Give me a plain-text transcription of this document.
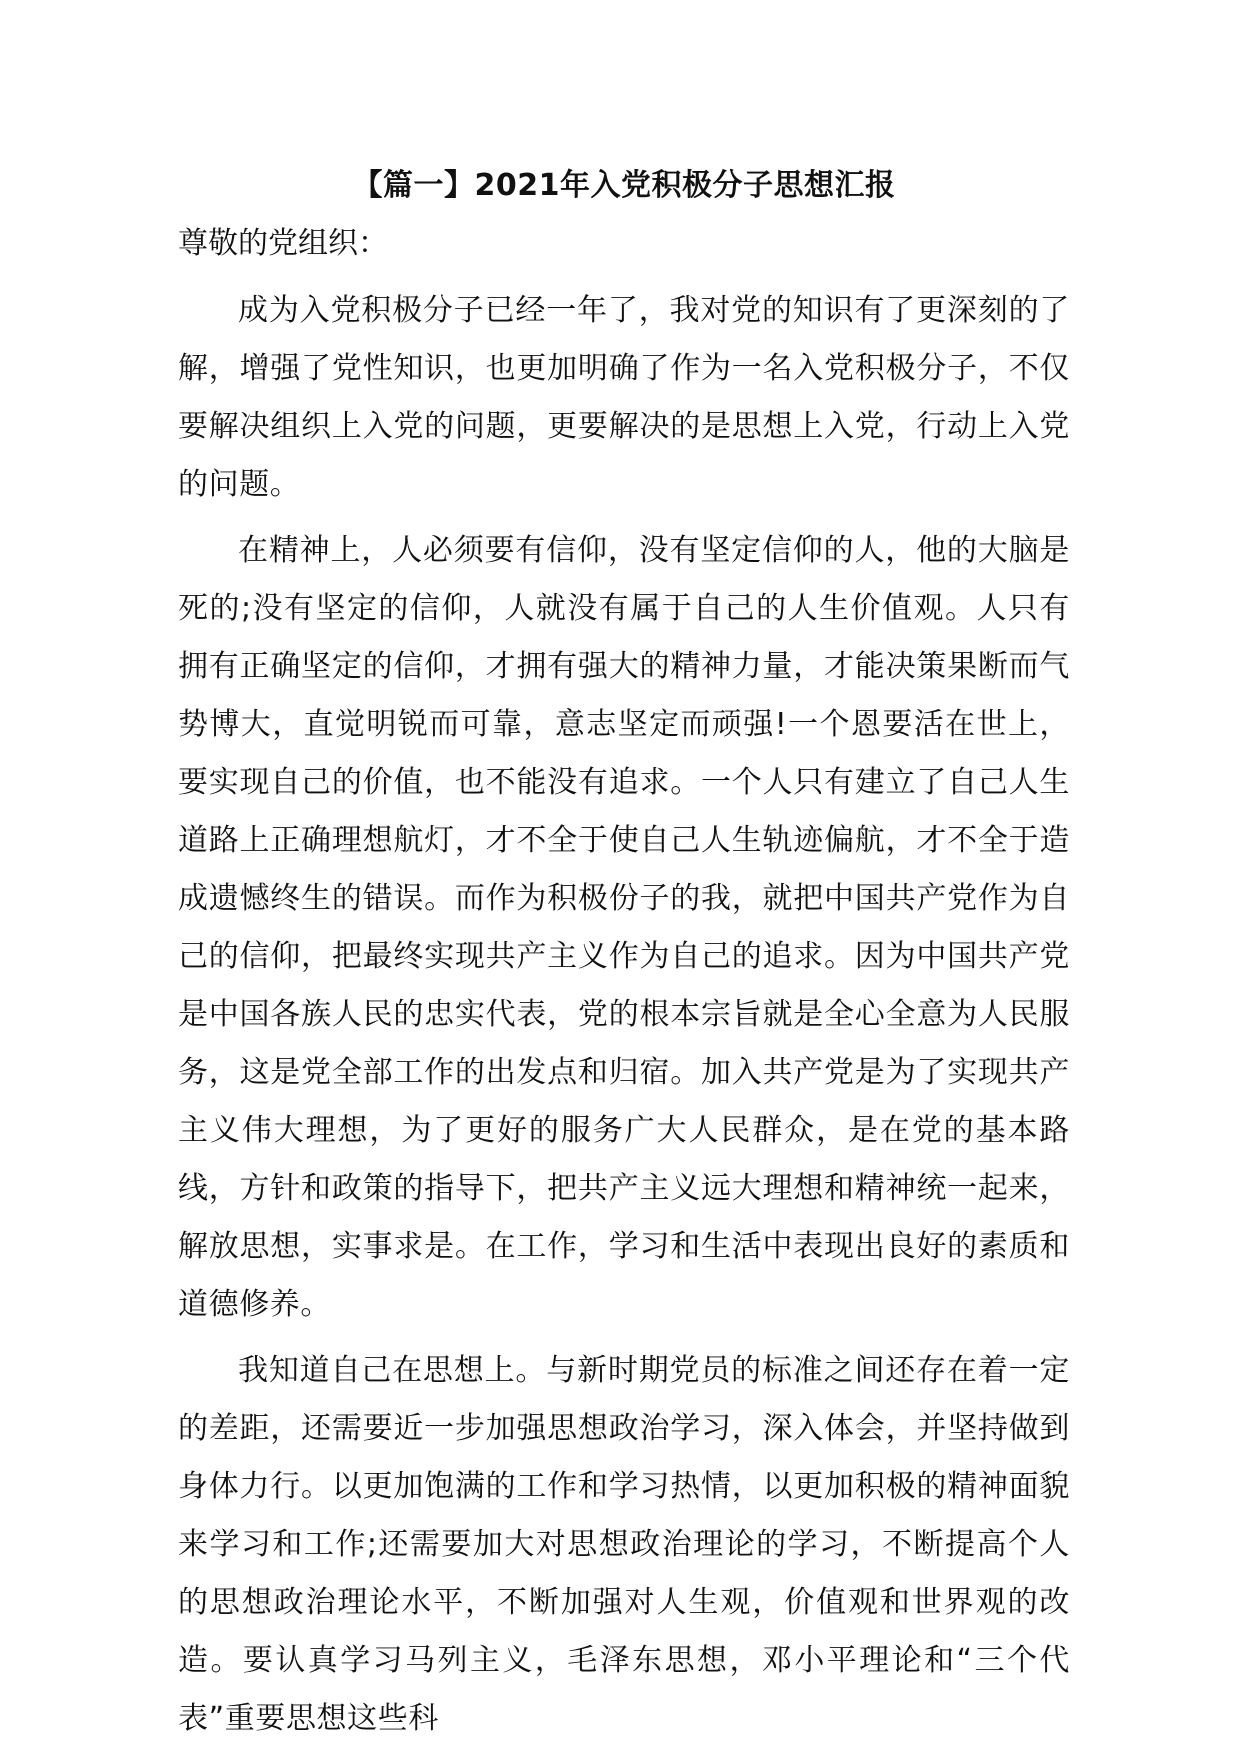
【篇一】2021年入党积极分子思想汇报
尊敬的党组织：

成为入党积极分子已经一年了，我对党的知识有了更深刻的了解，增强了党性知识，也更加明确了作为一名入党积极分子，不仅要解决组织上入党的问题，更要解决的是思想上入党，行动上入党的问题。

在精神上，人必须要有信仰，没有坚定信仰的人，他的大脑是死的;没有坚定的信仰，人就没有属于自己的人生价值观。人只有拥有正确坚定的信仰，才拥有强大的精神力量，才能决策果断而气势博大，直觉明锐而可靠，意志坚定而顽强!一个恩要活在世上，要实现自己的价值，也不能没有追求。一个人只有建立了自己人生道路上正确理想航灯，才不全于使自己人生轨迹偏航，才不全于造成遗憾终生的错误。而作为积极份子的我，就把中国共产党作为自己的信仰，把最终实现共产主义作为自己的追求。因为中国共产党是中国各族人民的忠实代表，党的根本宗旨就是全心全意为人民服务，这是党全部工作的出发点和归宿。加入共产党是为了实现共产主义伟大理想，为了更好的服务广大人民群众，是在党的基本路线，方针和政策的指导下，把共产主义远大理想和精神统一起来，解放思想，实事求是。在工作，学习和生活中表现出良好的素质和道德修养。

我知道自己在思想上。与新时期党员的标准之间还存在着一定的差距，还需要近一步加强思想政治学习，深入体会，并坚持做到身体力行。以更加饱满的工作和学习热情，以更加积极的精神面貌来学习和工作;还需要加大对思想政治理论的学习，不断提高个人的思想政治理论水平，不断加强对人生观，价值观和世界观的改造。要认真学习马列主义，毛泽东思想，邓小平理论和“三个代表”重要思想这些科
